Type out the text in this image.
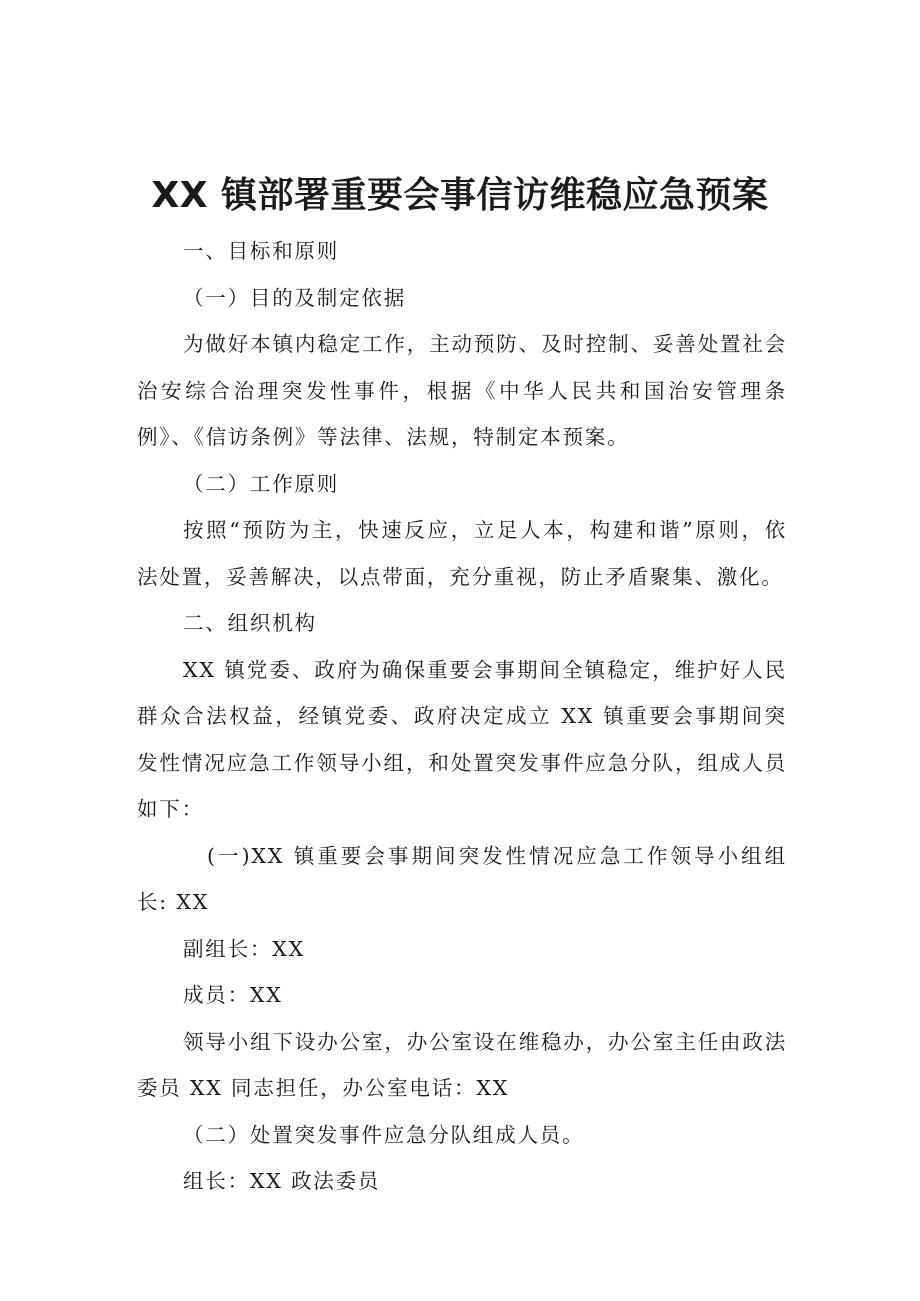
XX 镇部署重要会事信访维稳应急预案

一、目标和原则

（一）目的及制定依据

为做好本镇内稳定工作，主动预防、及时控制、妥善处置社会治安综合治理突发性事件，根据《中华人民共和国治安管理条例》、《信访条例》等法律、法规，特制定本预案。

（二）工作原则

按照“预防为主，快速反应，立足人本，构建和谐”原则，依法处置，妥善解决，以点带面，充分重视，防止矛盾聚集、激化。

二、组织机构

XX 镇党委、政府为确保重要会事期间全镇稳定，维护好人民群众合法权益，经镇党委、政府决定成立 XX 镇重要会事期间突发性情况应急工作领导小组，和处置突发事件应急分队，组成人员如下：

(一)XX 镇重要会事期间突发性情况应急工作领导小组组长: XX

副组长：XX

成员：XX

领导小组下设办公室，办公室设在维稳办，办公室主任由政法委员 XX 同志担任，办公室电话：XX

（二）处置突发事件应急分队组成人员。

组长：XX 政法委员
